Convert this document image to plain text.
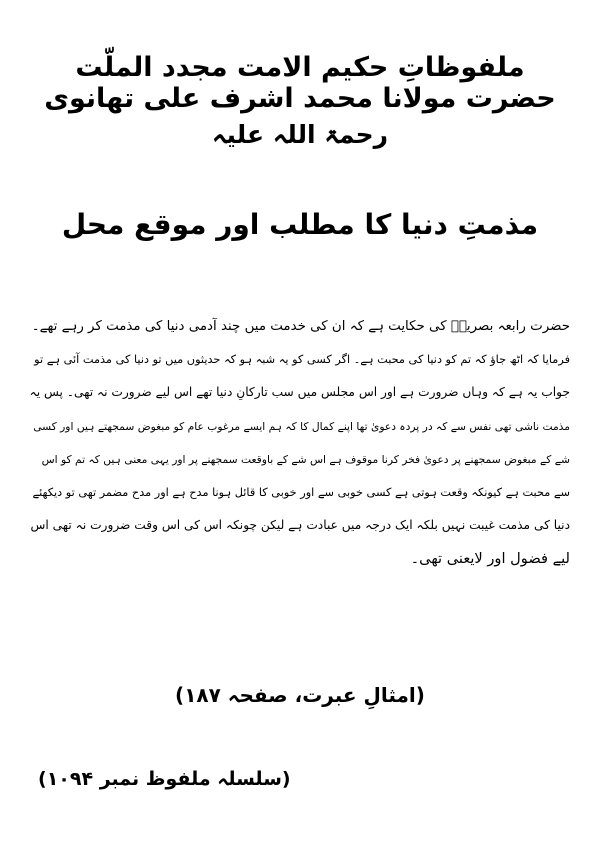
ملفوظاتِ حکیم الامت مجدد الملّت حضرت مولانا محمد اشرف علی تھانوی
رحمۃ اللہ علیہ
مذمتِ دنیا کا مطلب اور موقع محل
حضرت رابعہ بصریہؒ کی حکایت ہے کہ ان کی خدمت میں چند آدمی دنیا کی مذمت کر رہے تھے۔
فرمایا کہ اٹھ جاؤ کہ تم کو دنیا کی محبت ہے۔ اگر کسی کو یہ شبہ ہو کہ حدیثوں میں تو دنیا کی مذمت آئی ہے تو
جواب یہ ہے کہ وہاں ضرورت ہے اور اس مجلس میں سب تارکانِ دنیا تھے اس لیے ضرورت نہ تھی۔ پس یہ
مذمت ناشی تھی نفس سے کہ در پردہ دعویٰ تھا اپنے کمال کا کہ ہم ایسے مرغوب عام کو مبغوض سمجھتے ہیں اور کسی
شے کے مبغوض سمجھنے پر دعویٰ فخر کرنا موقوف ہے اس شے کے باوقعت سمجھنے پر اور یہی معنی ہیں کہ تم کو اس
سے محبت ہے کیونکہ وقعت ہوتی ہے کسی خوبی سے اور خوبی کا قائل ہونا مدح ہے اور مدح مضمر تھی تو دیکھئے
دنیا کی مذمت غیبت نہیں بلکہ ایک درجہ میں عبادت ہے لیکن چونکہ اس کی اس وقت ضرورت نہ تھی اس
لیے فضول اور لایعنی تھی۔
(امثالِ عبرت، صفحہ ۱۸۷)
(سلسلہ ملفوظ نمبر ۱۰۹۴)
